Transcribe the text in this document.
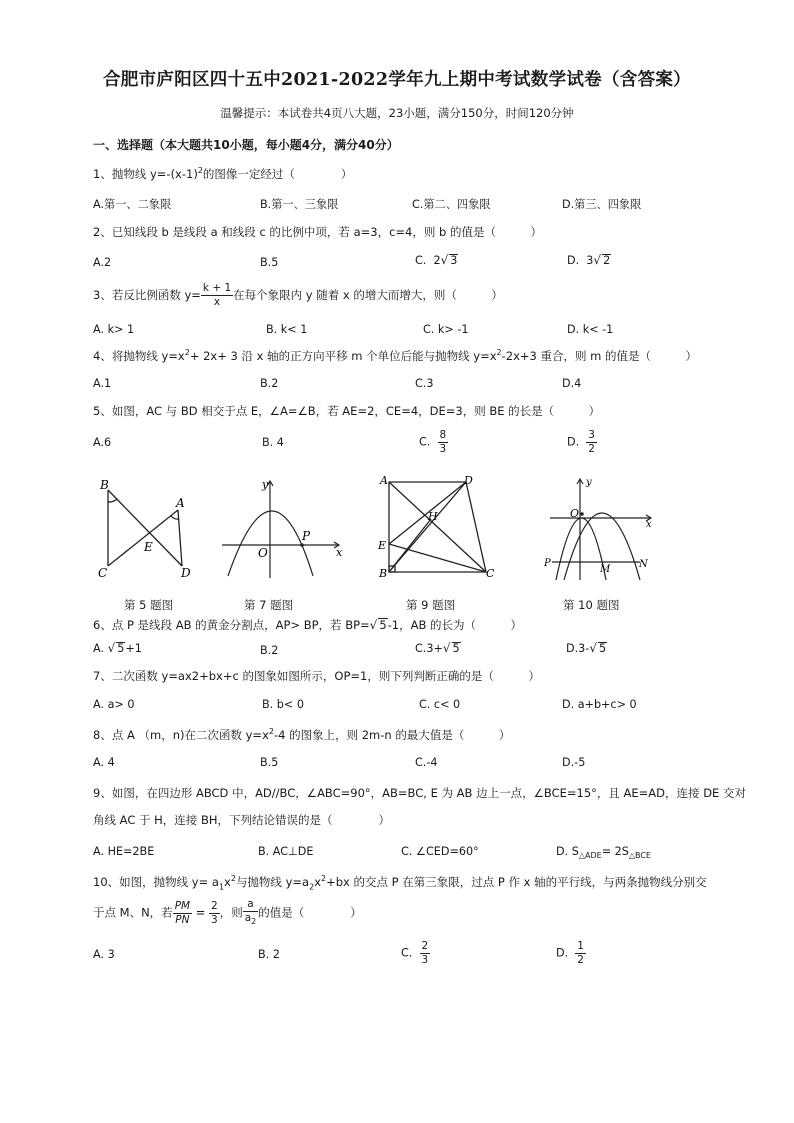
合肥市庐阳区四十五中2021-2022学年九上期中考试数学试卷（含答案）
温馨提示：本试卷共4页八大题，23小题，满分150分，时间120分钟
一、选择题（本大题共10小题，每小题4分，满分40分）
1、抛物线 $y=-(x-1)^2$的图像一定经过（　　　　）
A.第一、二象限	B.第一、三象限	C.第二、四象限	D.第三、四象限
2、已知线段 b 是线段 a 和线段 c 的比例中项，若 a=3，c=4，则 b 的值是（　　　）
A.2	B.5	C. 2√ 3	D. 3√ 2
3、若反比例函数 $y= \frac{k + 1}{x}$ 在每个象限内 y 随着 x 的增大而增大，则（　　　）
A. k> 1	B. k< 1	C. k> -1	D. k< -1
4、将抛物线 $y=x^2+ 2x+ 3$ 沿 x 轴的正方向平移 m 个单位后能与抛物线 $y=x^2-2x+3$ 重合，则 m 的值是（　　　）
A.1	B.2	C.3	D.4
5、如图，AC 与 BD 相交于点 E，∠A=∠B，若 AE=2，CE=4，DE=3，则 BE 的长是（　　　）
A.6	B. 4	C. $\frac{8}{3}$	D. $\frac{3}{2}$
B
A
C	D
E
y
x
O
P
A	D
E
B	C
H
y
x
O
P
M	N
第 5 题图	第 7 题图	第 9 题图	第 10 题图
6、点 P 是线段 AB 的黄金分割点，AP> BP，若 BP=√ 5-1，AB 的长为（　　　）
A. √ 5+1	B.2	C.3+√ 5	D.3-√ 5
7、二次函数 y=ax2+bx+c 的图象如图所示，OP=1，则下列判断正确的是（　　　）
A. a> 0	B. b< 0	C. c< 0	D. a+b+c> 0
8、点 A （m，n)在二次函数 $y=x^2-4$ 的图象上，则 2m-n 的最大值是（　　　）
A. 4	B.5	C.-4	D.-5
9、如图，在四边形 ABCD 中，AD//BC，∠ABC=90°，AB=BC, E 为 AB 边上一点，∠BCE=15°，且 AE=AD，连接 DE 交对
角线 AC 于 H，连接 BH，下列结论错误的是（　　　　）
A. HE=2BE	B. AC⊥DE	C. ∠CED=60°	D. $S_{\triangle ADE}= 2S_{\triangle BCE}$
10、如图，抛物线 $y= a_1x^2$与抛物线 $y=a_2x^2+bx$ 的交点 P 在第三象限，过点 P 作 x 轴的平行线，与两条抛物线分别交
于点 M、N，若 $\frac{PM}{PN} = \frac{2}{3}$ ，则 $\frac{a}{a_2}$ 的值是（　　　　）
A. 3	B. 2	C. $\frac{2}{3}$	D. $\frac{1}{2}$
